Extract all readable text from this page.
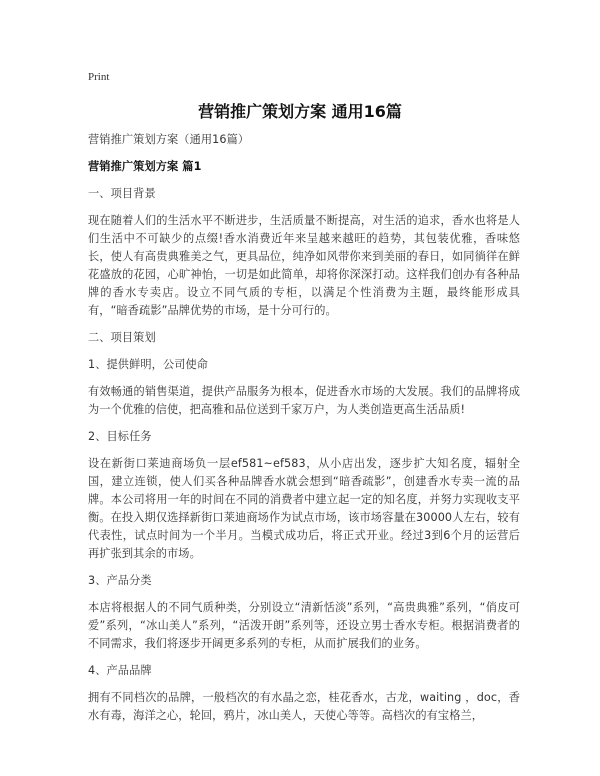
Print
营销推广策划方案 通用16篇

营销推广策划方案（通用16篇）

营销推广策划方案 篇1

一、项目背景

现在随着人们的生活水平不断进步，生活质量不断提高，对生活的追求，香水也将是人们生活中不可缺少的点缀!香水消费近年来呈越来越旺的趋势，其包装优雅，香味悠长，使人有高贵典雅美之气，更具品位，纯净如风带你来到美丽的春日，如同徜徉在鲜花盛放的花园，心旷神怡，一切是如此简单，却将你深深打动。这样我们创办有各种品牌的香水专卖店。设立不同气质的专柜，以满足个性消费为主题，最终能形成具有，“暗香疏影”品牌优势的市场，是十分可行的。

二、项目策划

1、提供鲜明，公司使命

有效畅通的销售渠道，提供产品服务为根本，促进香水市场的大发展。我们的品牌将成为一个优雅的信使，把高雅和品位送到千家万户，为人类创造更高生活品质!

2、目标任务

设在新街口莱迪商场负一层ef581~ef583，从小店出发，逐步扩大知名度，辐射全国，建立连锁，使人们买各种品牌香水就会想到“暗香疏影”，创建香水专卖一流的品牌。本公司将用一年的时间在不同的消费者中建立起一定的知名度，并努力实现收支平衡。在投入期仅选择新街口莱迪商场作为试点市场，该市场容量在30000人左右，较有代表性，试点时间为一个半月。当模式成功后，将正式开业。经过3到6个月的运营后再扩张到其余的市场。

3、产品分类

本店将根据人的不同气质种类，分别设立“清新恬淡”系列，“高贵典雅”系列，“俏皮可爱”系列，“冰山美人”系列，“活泼开朗”系列等，还设立男士香水专柜。根据消费者的不同需求，我们将逐步开阔更多系列的专柜，从而扩展我们的业务。

4、产品品牌

拥有不同档次的品牌，一般档次的有水晶之恋，桂花香水，古龙，waiting ，doc，香水有毒，海洋之心，轮回，鸦片，冰山美人，天使心等等。高档次的有宝格兰，
